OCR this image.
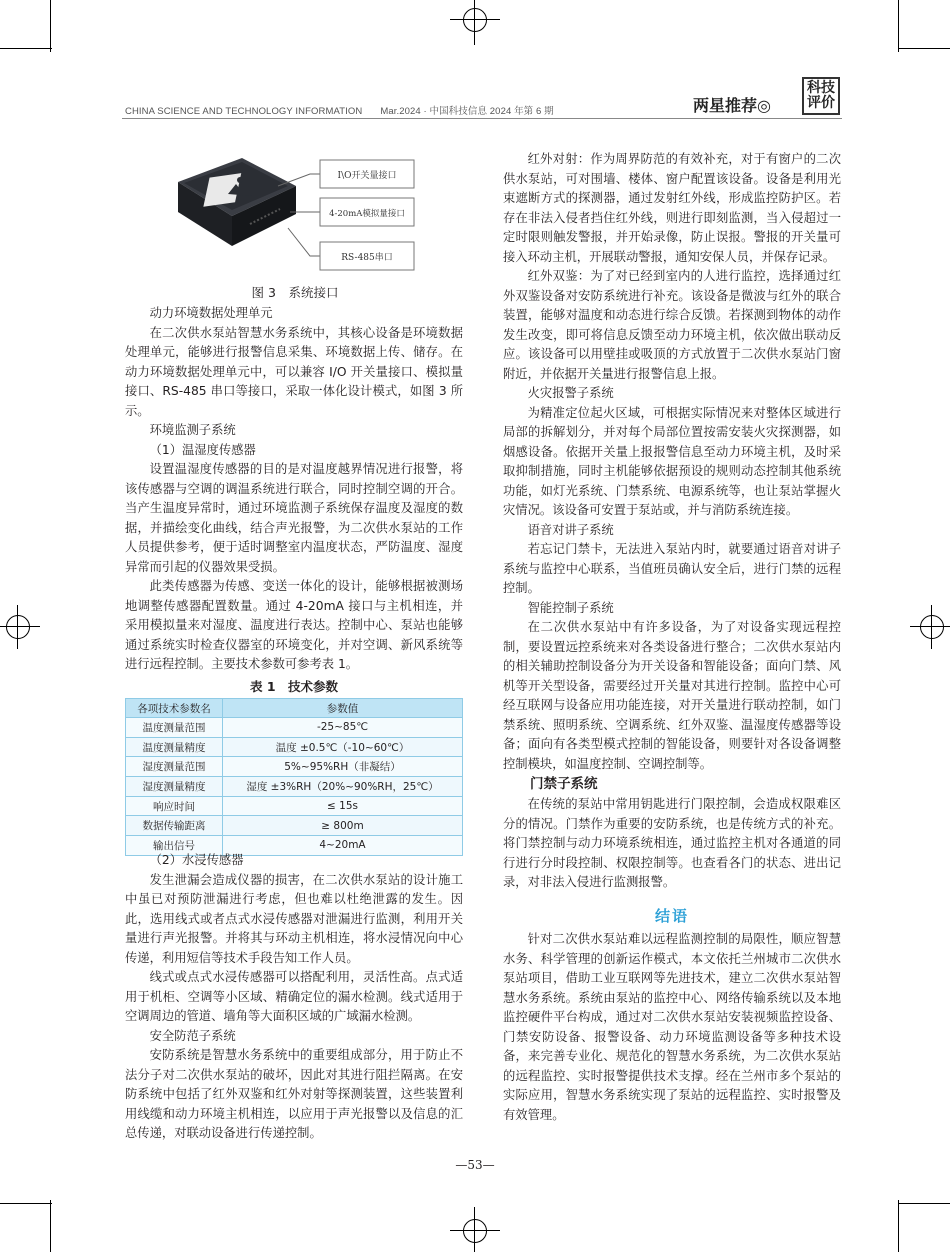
CHINA SCIENCE AND TECHNOLOGY INFORMATION Mar.2024 · 中国科技信息 2024 年第 6 期	两星推荐◎
科技
评价
I\O开关量接口
4-20mA模拟量接口
RS-485串口
图 3　系统接口

动力环境数据处理单元

在二次供水泵站智慧水务系统中，其核心设备是环境数据处理单元，能够进行报警信息采集、环境数据上传、储存。在动力环境数据处理单元中，可以兼容 I/O 开关量接口、模拟量接口、RS-485 串口等接口，采取一体化设计模式，如图 3 所示。

环境监测子系统

（1）温湿度传感器

设置温湿度传感器的目的是对温度越界情况进行报警，将该传感器与空调的调温系统进行联合，同时控制空调的开合。当产生温度异常时，通过环境监测子系统保存温度及湿度的数据，并描绘变化曲线，结合声光报警，为二次供水泵站的工作人员提供参考，便于适时调整室内温度状态，严防温度、湿度异常而引起的仪器效果受损。

此类传感器为传感、变送一体化的设计，能够根据被测场地调整传感器配置数量。通过 4-20mA 接口与主机相连，并采用模拟量来对湿度、温度进行表达。控制中心、泵站也能够通过系统实时检查仪器室的环境变化，并对空调、新风系统等进行远程控制。主要技术参数可参考表 1。

表 1　技术参数
各项技术参数名	参数值
温度测量范围	-25~85℃
温度测量精度	温度 ±0.5℃（-10~60℃）
湿度测量范围	5%~95%RH（非凝结）
湿度测量精度	湿度 ±3%RH（20%~90%RH，25℃）
响应时间	≤ 15s
数据传输距离	≥ 800m
输出信号	4~20mA

（2）水浸传感器

发生泄漏会造成仪器的损害，在二次供水泵站的设计施工中虽已对预防泄漏进行考虑，但也难以杜绝泄露的发生。因此，选用线式或者点式水浸传感器对泄漏进行监测，利用开关量进行声光报警。并将其与环动主机相连，将水浸情况向中心传递，利用短信等技术手段告知工作人员。

线式或点式水浸传感器可以搭配利用，灵活性高。点式适用于机柜、空调等小区域、精确定位的漏水检测。线式适用于空调周边的管道、墙角等大面积区域的广域漏水检测。

安全防范子系统

安防系统是智慧水务系统中的重要组成部分，用于防止不法分子对二次供水泵站的破坏，因此对其进行阻拦隔离。在安防系统中包括了红外双鉴和红外对射等探测装置，这些装置利用线缆和动力环境主机相连，以应用于声光报警以及信息的汇总传递，对联动设备进行传递控制。

红外对射：作为周界防范的有效补充，对于有窗户的二次供水泵站，可对围墙、楼体、窗户配置该设备。设备是利用光束遮断方式的探测器，通过发射红外线，形成监控防护区。若存在非法入侵者挡住红外线，则进行即刻监测，当入侵超过一定时限则触发警报，并开始录像，防止误报。警报的开关量可接入环动主机，开展联动警报，通知安保人员，并保存记录。

红外双鉴：为了对已经到室内的人进行监控，选择通过红外双鉴设备对安防系统进行补充。该设备是微波与红外的联合装置，能够对温度和动态进行综合反馈。若探测到物体的动作发生改变，即可将信息反馈至动力环境主机，依次做出联动反应。该设备可以用壁挂或吸顶的方式放置于二次供水泵站门窗附近，并依据开关量进行报警信息上报。

火灾报警子系统

为精准定位起火区域，可根据实际情况来对整体区域进行局部的拆解划分，并对每个局部位置按需安装火灾探测器，如烟感设备。依据开关量上报报警信息至动力环境主机，及时采取抑制措施，同时主机能够依据预设的规则动态控制其他系统功能，如灯光系统、门禁系统、电源系统等，也让泵站掌握火灾情况。该设备可安置于泵站或，并与消防系统连接。

语音对讲子系统

若忘记门禁卡，无法进入泵站内时，就要通过语音对讲子系统与监控中心联系，当值班员确认安全后，进行门禁的远程控制。

智能控制子系统

在二次供水泵站中有许多设备，为了对设备实现远程控制，要设置远控系统来对各类设备进行整合；二次供水泵站内的相关辅助控制设备分为开关设备和智能设备；面向门禁、风机等开关型设备，需要经过开关量对其进行控制。监控中心可经互联网与设备应用功能连接，对开关量进行联动控制，如门禁系统、照明系统、空调系统、红外双鉴、温湿度传感器等设备；面向有各类型模式控制的智能设备，则要针对各设备调整控制模块，如温度控制、空调控制等。

门禁子系统

在传统的泵站中常用钥匙进行门限控制，会造成权限难区分的情况。门禁作为重要的安防系统，也是传统方式的补充。将门禁控制与动力环境系统相连，通过监控主机对各通道的同行进行分时段控制、权限控制等。也查看各门的状态、进出记录，对非法入侵进行监测报警。

结语

针对二次供水泵站难以远程监测控制的局限性，顺应智慧水务、科学管理的创新运作模式，本文依托兰州城市二次供水泵站项目，借助工业互联网等先进技术，建立二次供水泵站智慧水务系统。系统由泵站的监控中心、网络传输系统以及本地监控硬件平台构成，通过对二次供水泵站安装视频监控设备、门禁安防设备、报警设备、动力环境监测设备等多种技术设备，来完善专业化、规范化的智慧水务系统，为二次供水泵站的远程监控、实时报警提供技术支撑。经在兰州市多个泵站的实际应用，智慧水务系统实现了泵站的远程监控、实时报警及有效管理。

—53—
